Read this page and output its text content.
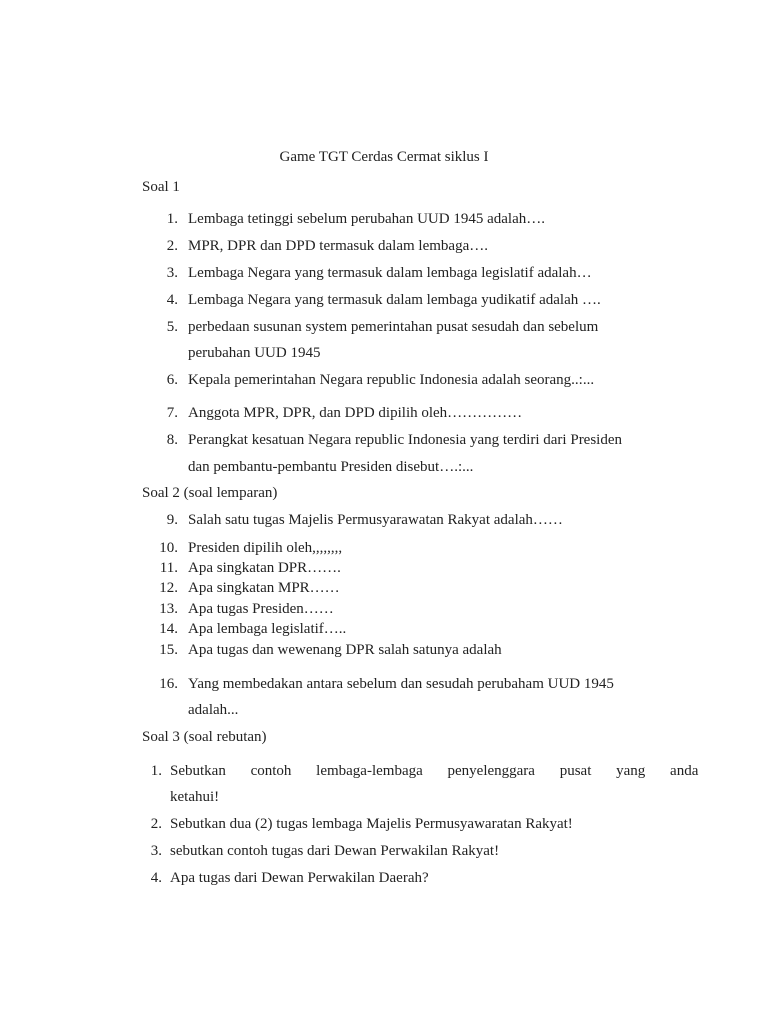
Game TGT Cerdas Cermat siklus I
Soal 1
1. Lembaga tetinggi sebelum perubahan UUD 1945 adalah….
2. MPR, DPR dan DPD termasuk dalam lembaga….
3. Lembaga Negara yang termasuk dalam lembaga legislatif adalah…
4. Lembaga Negara yang termasuk dalam lembaga yudikatif adalah ….
5. perbedaan susunan system pemerintahan pusat sesudah dan sebelum
perubahan UUD 1945
6. Kepala pemerintahan Negara republic Indonesia adalah seorang..:...
7. Anggota MPR, DPR, dan DPD dipilih oleh……………
8. Perangkat kesatuan Negara republic Indonesia yang terdiri dari Presiden
dan pembantu-pembantu Presiden disebut….:...
Soal 2 (soal lemparan)
9. Salah satu tugas Majelis Permusyarawatan Rakyat adalah……
10. Presiden dipilih oleh,,,,,,,,
11. Apa singkatan DPR…….
12. Apa singkatan MPR……
13. Apa tugas Presiden……
14. Apa lembaga legislatif…..
15. Apa tugas dan wewenang DPR salah satunya adalah
16. Yang membedakan antara sebelum dan sesudah perubaham UUD 1945
adalah...
Soal 3 (soal rebutan)
1. Sebutkan contoh lembaga-lembaga penyelenggara pusat yang anda
ketahui!
2. Sebutkan dua (2) tugas lembaga Majelis Permusyawaratan Rakyat!
3. sebutkan contoh tugas dari Dewan Perwakilan Rakyat!
4. Apa tugas dari Dewan Perwakilan Daerah?
